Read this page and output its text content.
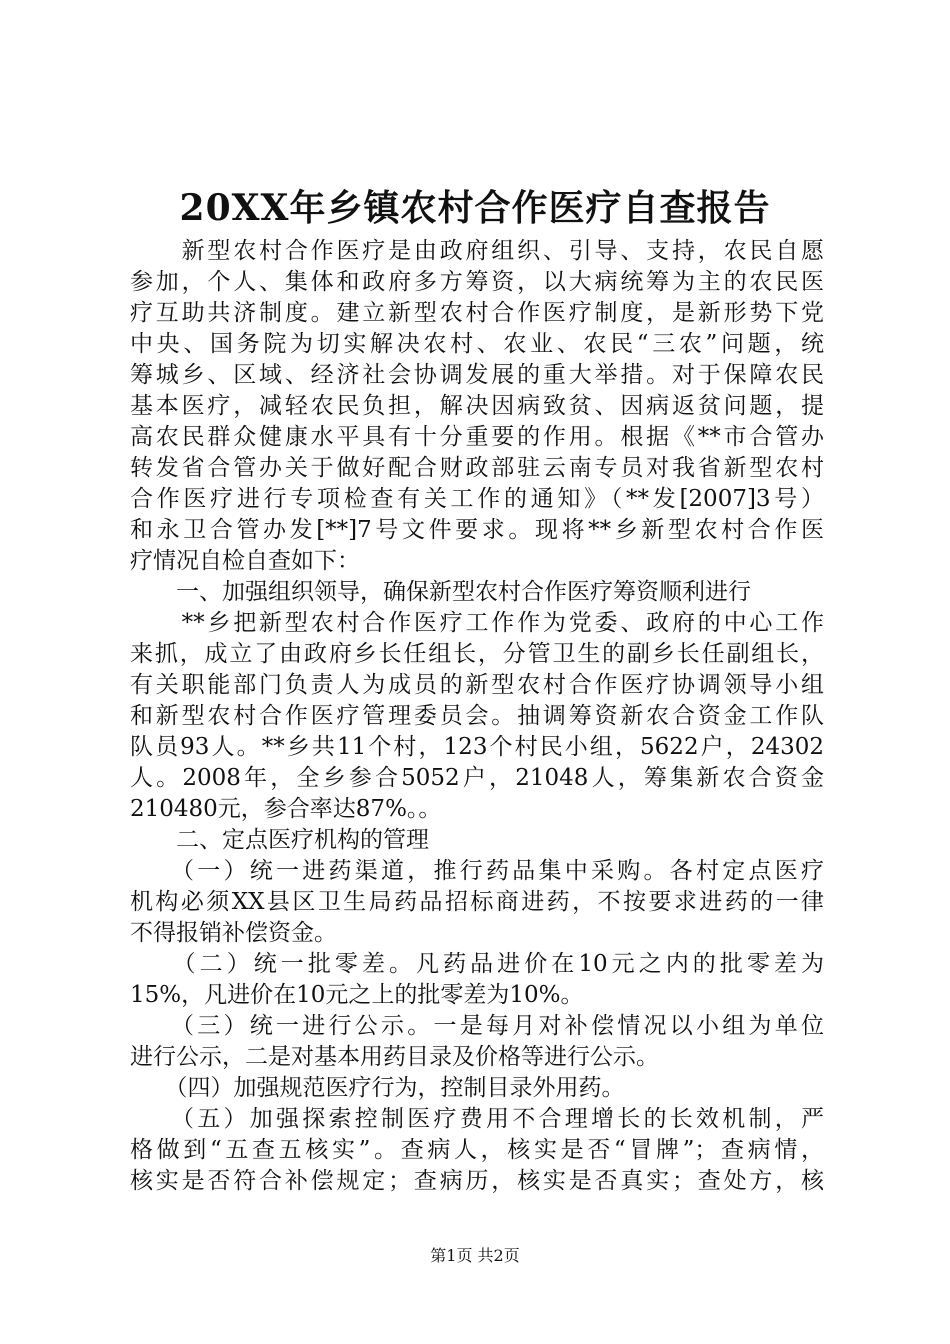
20XX年乡镇农村合作医疗自查报告
　　新型农村合作医疗是由政府组织、引导、支持，农民自愿
参加，个人、集体和政府多方筹资，以大病统筹为主的农民医
疗互助共济制度。建立新型农村合作医疗制度，是新形势下党
中央、国务院为切实解决农村、农业、农民“三农”问题，统
筹城乡、区域、经济社会协调发展的重大举措。对于保障农民
基本医疗，减轻农民负担，解决因病致贫、因病返贫问题，提
高农民群众健康水平具有十分重要的作用。根据《**市合管办
转发省合管办关于做好配合财政部驻云南专员对我省新型农村
合作医疗进行专项检查有关工作的通知》（**发[2007]3号）
和永卫合管办发[**]7号文件要求。现将**乡新型农村合作医
疗情况自检自查如下：
　　一、加强组织领导，确保新型农村合作医疗筹资顺利进行
　　**乡把新型农村合作医疗工作作为党委、政府的中心工作
来抓，成立了由政府乡长任组长，分管卫生的副乡长任副组长，
有关职能部门负责人为成员的新型农村合作医疗协调领导小组
和新型农村合作医疗管理委员会。抽调筹资新农合资金工作队
队员93人。**乡共11个村，123个村民小组，5622户，24302
人。2008年，全乡参合5052户，21048人，筹集新农合资金
210480元，参合率达87%。。
　　二、定点医疗机构的管理
　　（一）统一进药渠道，推行药品集中采购。各村定点医疗
机构必须XX县区卫生局药品招标商进药，不按要求进药的一律
不得报销补偿资金。
　　（二）统一批零差。凡药品进价在10元之内的批零差为
15%，凡进价在10元之上的批零差为10%。
　　（三）统一进行公示。一是每月对补偿情况以小组为单位
进行公示，二是对基本用药目录及价格等进行公示。
　　（四）加强规范医疗行为，控制目录外用药。
　　（五）加强探索控制医疗费用不合理增长的长效机制，严
格做到“五查五核实”。查病人，核实是否“冒牌”；查病情，
核实是否符合补偿规定；查病历，核实是否真实；查处方，核
第1页 共2页
